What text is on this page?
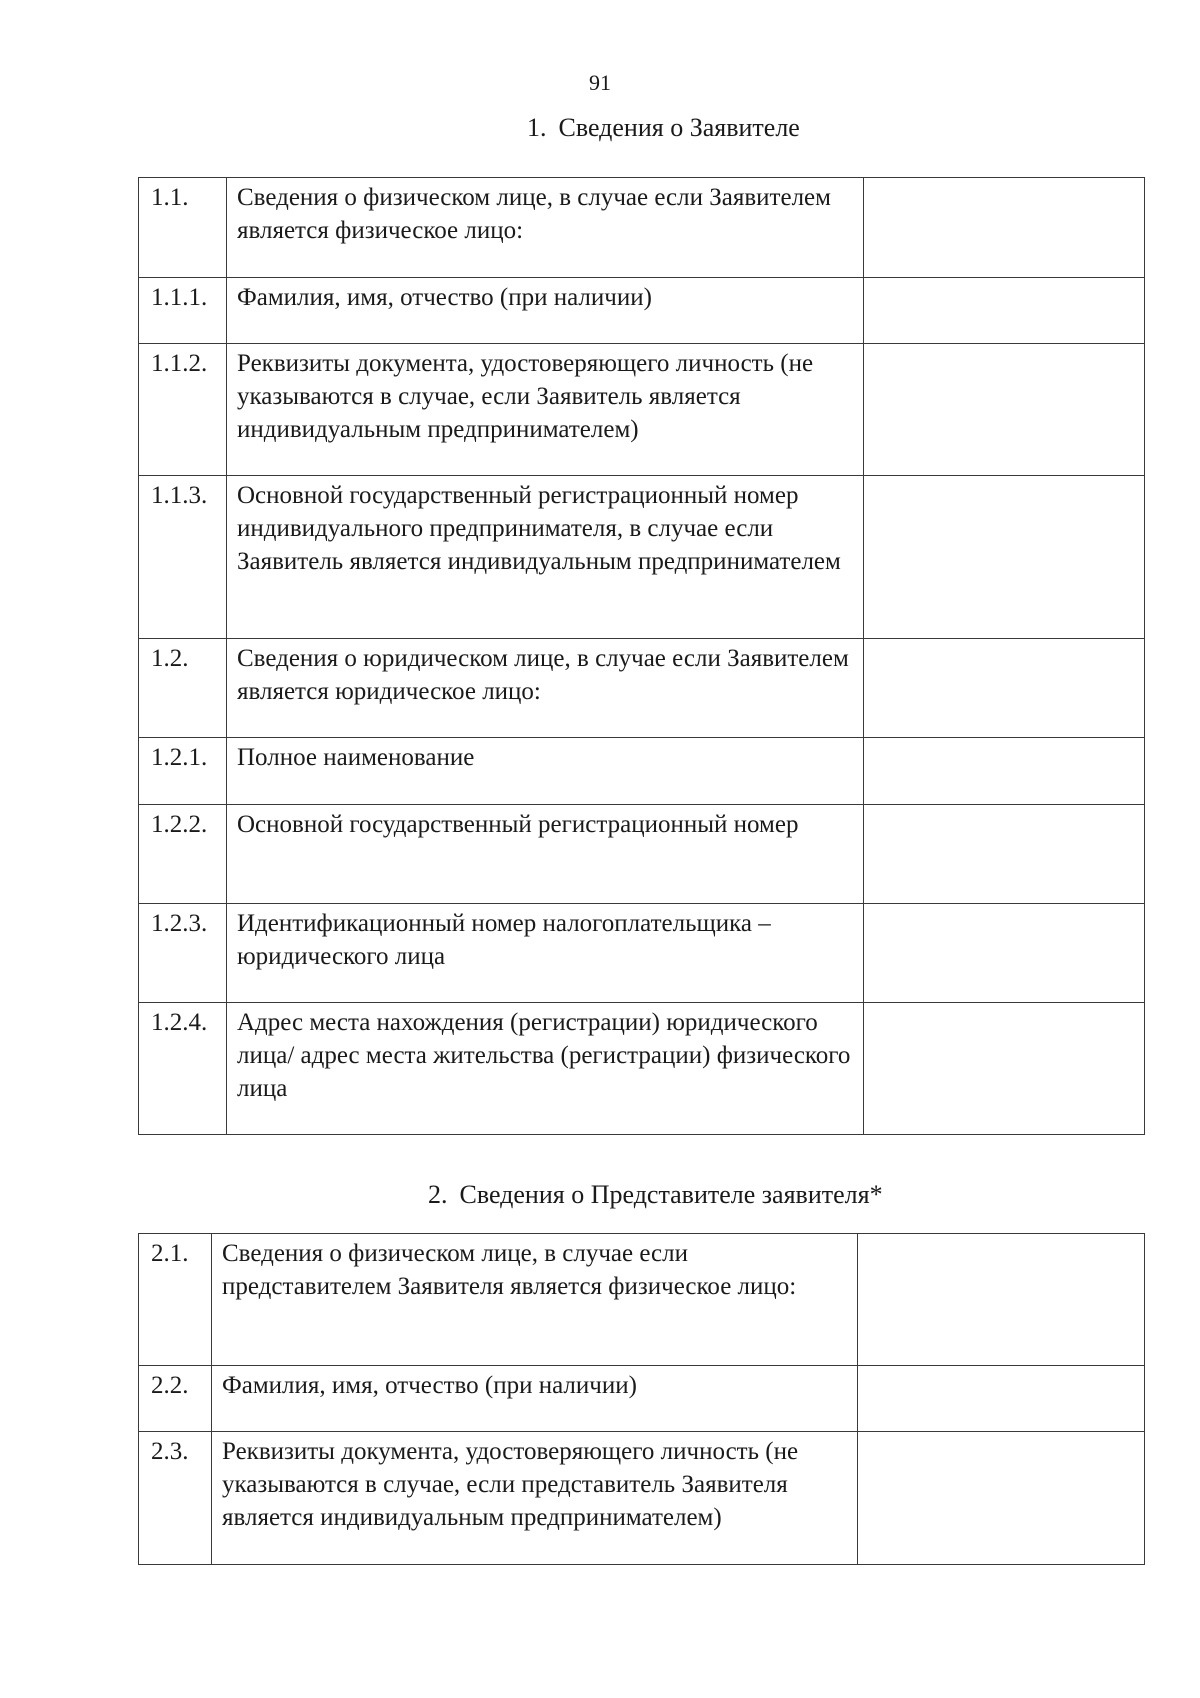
91
1. Сведения о Заявителе
1.1.	Сведения о физическом лице, в случае если Заявителем является физическое лицо:	
1.1.1.	Фамилия, имя, отчество (при наличии)	
1.1.2.	Реквизиты документа, удостоверяющего личность (не указываются в случае, если Заявитель является индивидуальным предпринимателем)	
1.1.3.	Основной государственный регистрационный номер индивидуального предпринимателя, в случае если Заявитель является индивидуальным предпринимателем	
1.2.	Сведения о юридическом лице, в случае если Заявителем является юридическое лицо:	
1.2.1.	Полное наименование	
1.2.2.	Основной государственный регистрационный номер	
1.2.3.	Идентификационный номер налогоплательщика – юридического лица	
1.2.4.	Адрес места нахождения (регистрации) юридического лица/ адрес места жительства (регистрации) физического лица	
2. Сведения о Представителе заявителя*
2.1.	Сведения о физическом лице, в случае если представителем Заявителя является физическое лицо:	
2.2.	Фамилия, имя, отчество (при наличии)	
2.3.	Реквизиты документа, удостоверяющего личность (не указываются в случае, если представитель Заявителя является индивидуальным предпринимателем)	
